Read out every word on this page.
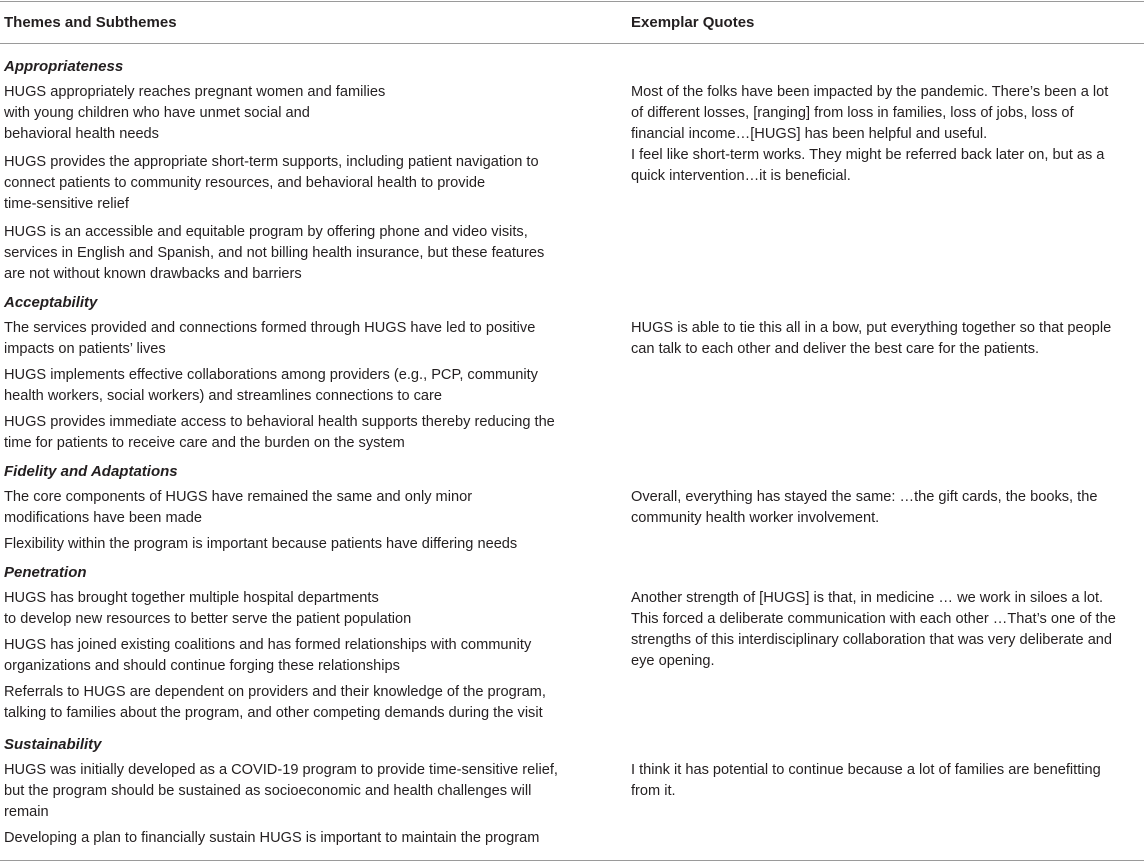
Themes and Subthemes	Exemplar Quotes
Appropriateness
HUGS appropriately reaches pregnant women and families
with young children who have unmet social and
behavioral health needs
HUGS provides the appropriate short-term supports, including patient navigation to
connect patients to community resources, and behavioral health to provide
time-sensitive relief
HUGS is an accessible and equitable program by offering phone and video visits,
services in English and Spanish, and not billing health insurance, but these features
are not without known drawbacks and barriers
Most of the folks have been impacted by the pandemic. There’s been a lot
of different losses, [ranging] from loss in families, loss of jobs, loss of
financial income…[HUGS] has been helpful and useful.
I feel like short-term works. They might be referred back later on, but as a
quick intervention…it is beneficial.
Acceptability
The services provided and connections formed through HUGS have led to positive
impacts on patients’ lives
HUGS implements effective collaborations among providers (e.g., PCP, community
health workers, social workers) and streamlines connections to care
HUGS provides immediate access to behavioral health supports thereby reducing the
time for patients to receive care and the burden on the system
HUGS is able to tie this all in a bow, put everything together so that people
can talk to each other and deliver the best care for the patients.
Fidelity and Adaptations
The core components of HUGS have remained the same and only minor
modifications have been made
Flexibility within the program is important because patients have differing needs
Overall, everything has stayed the same: …the gift cards, the books, the
community health worker involvement.
Penetration
HUGS has brought together multiple hospital departments
to develop new resources to better serve the patient population
HUGS has joined existing coalitions and has formed relationships with community
organizations and should continue forging these relationships
Referrals to HUGS are dependent on providers and their knowledge of the program,
talking to families about the program, and other competing demands during the visit
Another strength of [HUGS] is that, in medicine … we work in siloes a lot.
This forced a deliberate communication with each other …That’s one of the
strengths of this interdisciplinary collaboration that was very deliberate and
eye opening.
Sustainability
HUGS was initially developed as a COVID-19 program to provide time-sensitive relief,
but the program should be sustained as socioeconomic and health challenges will
remain
Developing a plan to financially sustain HUGS is important to maintain the program
I think it has potential to continue because a lot of families are benefitting
from it.
